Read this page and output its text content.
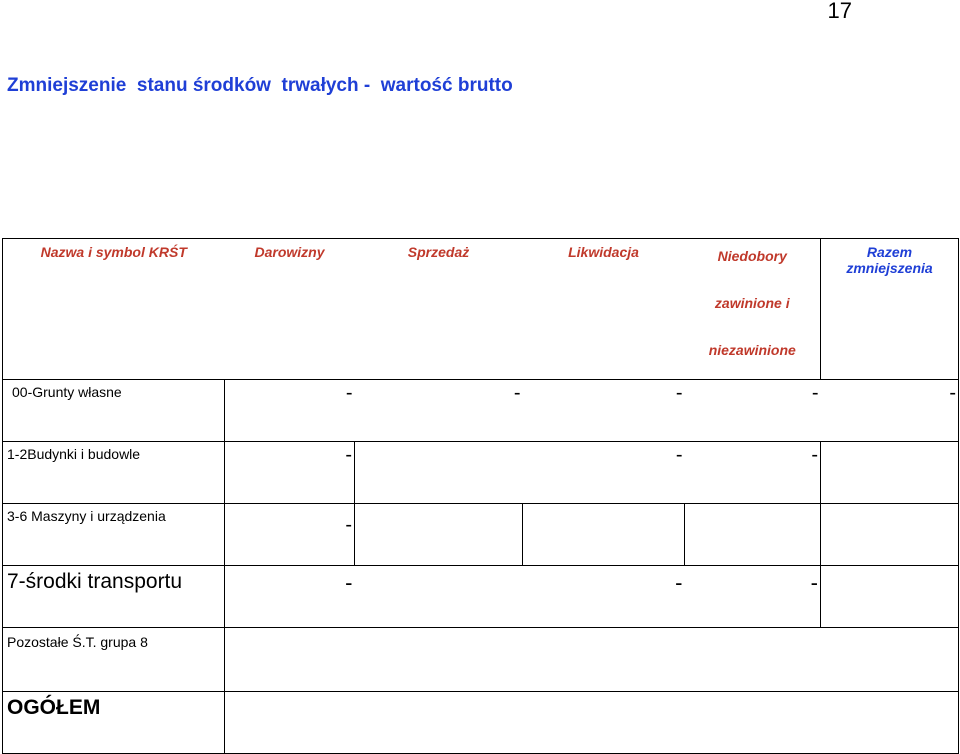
17
Zmniejszenie  stanu środków  trwałych -  wartość brutto
Nazwa i symbol KRŚT	Darowizny	Sprzedaż	Likwidacja	Niedobory
zawinione i
niezawinione	Razem
zmniejszenia

00-Grunty własne	-	-	-	-	-

1-2Budynki i budowle	-		-	-	

3-6 Maszyny i urządzenia	-				

7-środki transportu	-		-	-	

Pozostałe Ś.T. grupa 8	

OGÓŁEM	
